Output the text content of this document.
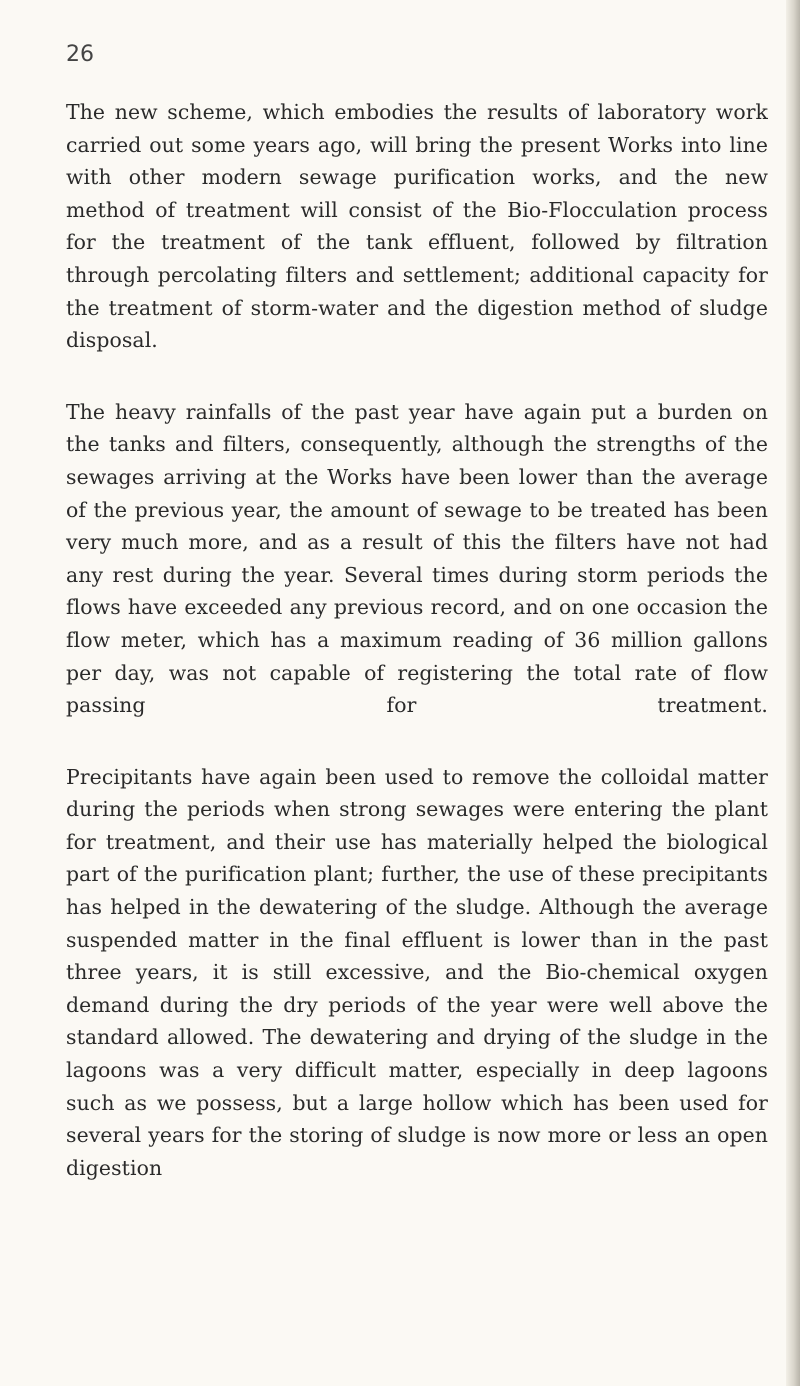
26

The new scheme, which embodies the results of laboratory work carried out some years ago, will bring the present Works into line with other modern sewage purification works, and the new method of treatment will consist of the Bio-Flocculation process for the treatment of the tank effluent, followed by filtration through percolating filters and settlement; additional capacity for the treatment of storm-water and the digestion method of sludge disposal.

The heavy rainfalls of the past year have again put a burden on the tanks and filters, consequently, although the strengths of the sewages arriving at the Works have been lower than the average of the previous year, the amount of sewage to be treated has been very much more, and as a result of this the filters have not had any rest during the year. Several times during storm periods the flows have exceeded any previous record, and on one occasion the flow meter, which has a maximum reading of 36 million gallons per day, was not capable of registering the total rate of flow passing for treatment.

Precipitants have again been used to remove the colloidal matter during the periods when strong sewages were entering the plant for treatment, and their use has materially helped the biological part of the purification plant; further, the use of these precipitants has helped in the dewatering of the sludge. Although the average suspended matter in the final effluent is lower than in the past three years, it is still excessive, and the Bio-chemical oxygen demand during the dry periods of the year were well above the standard allowed. The dewatering and drying of the sludge in the lagoons was a very difficult matter, especially in deep lagoons such as we possess, but a large hollow which has been used for several years for the storing of sludge is now more or less an open digestion
